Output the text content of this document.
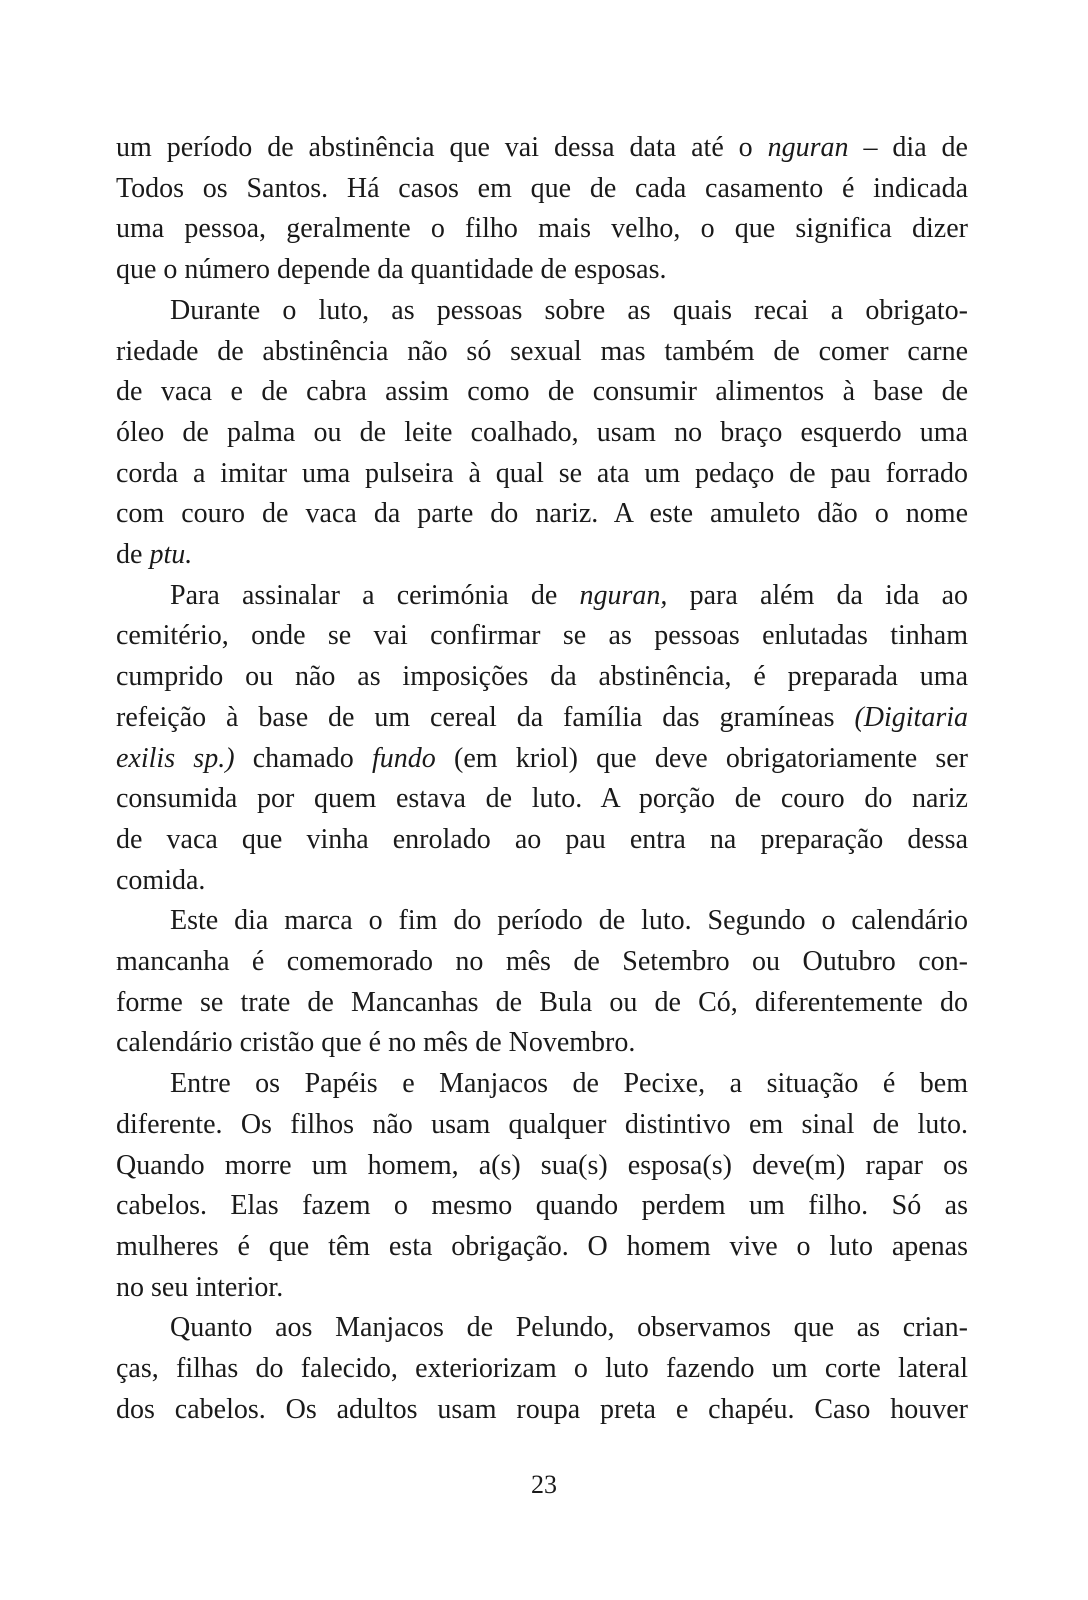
um período de abstinência que vai dessa data até o nguran – dia de
Todos os Santos. Há casos em que de cada casamento é indicada
uma pessoa, geralmente o filho mais velho, o que significa dizer
que o número depende da quantidade de esposas.
Durante o luto, as pessoas sobre as quais recai a obrigato-
riedade de abstinência não só sexual mas também de comer carne
de vaca e de cabra assim como de consumir alimentos à base de
óleo de palma ou de leite coalhado, usam no braço esquerdo uma
corda a imitar uma pulseira à qual se ata um pedaço de pau forrado
com couro de vaca da parte do nariz. A este amuleto dão o nome
de ptu.
Para assinalar a cerimónia de nguran, para além da ida ao
cemitério, onde se vai confirmar se as pessoas enlutadas tinham
cumprido ou não as imposições da abstinência, é preparada uma
refeição à base de um cereal da família das gramíneas (Digitaria
exilis sp.) chamado fundo (em kriol) que deve obrigatoriamente ser
consumida por quem estava de luto. A porção de couro do nariz
de vaca que vinha enrolado ao pau entra na preparação dessa
comida.
Este dia marca o fim do período de luto. Segundo o calendário
mancanha é comemorado no mês de Setembro ou Outubro con-
forme se trate de Mancanhas de Bula ou de Có, diferentemente do
calendário cristão que é no mês de Novembro.
Entre os Papéis e Manjacos de Pecixe, a situação é bem
diferente. Os filhos não usam qualquer distintivo em sinal de luto.
Quando morre um homem, a(s) sua(s) esposa(s) deve(m) rapar os
cabelos. Elas fazem o mesmo quando perdem um filho. Só as
mulheres é que têm esta obrigação. O homem vive o luto apenas
no seu interior.
Quanto aos Manjacos de Pelundo, observamos que as crian-
ças, filhas do falecido, exteriorizam o luto fazendo um corte lateral
dos cabelos. Os adultos usam roupa preta e chapéu. Caso houver
23
